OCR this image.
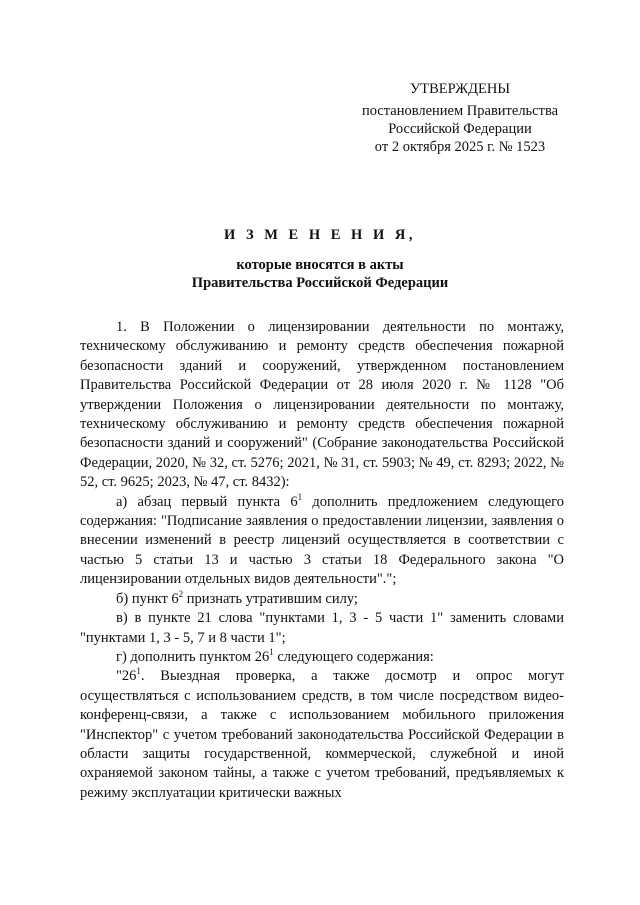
УТВЕРЖДЕНЫ
постановлением Правительства
Российской Федерации
от 2 октября 2025 г. № 1523
И З М Е Н Е Н И Я,
которые вносятся в акты
Правительства Российской Федерации

1. В Положении о лицензировании деятельности по монтажу, техническому обслуживанию и ремонту средств обеспечения пожарной безопасности зданий и сооружений, утвержденном постановлением Правительства Российской Федерации от 28 июля 2020 г. № 1128 "Об утверждении Положения о лицензировании деятельности по монтажу, техническому обслуживанию и ремонту средств обеспечения пожарной безопасности зданий и сооружений" (Собрание законодательства Российской Федерации, 2020, № 32, ст. 5276; 2021, № 31, ст. 5903; № 49, ст. 8293; 2022, № 52, ст. 9625; 2023, № 47, ст. 8432):

а) абзац первый пункта $6^1$ дополнить предложением следующего содержания: "Подписание заявления о предоставлении лицензии, заявления о внесении изменений в реестр лицензий осуществляется в соответствии с частью 5 статьи 13 и частью 3 статьи 18 Федерального закона "О лицензировании отдельных видов деятельности".";

б) пункт $6^2$ признать утратившим силу;

в) в пункте 21 слова "пунктами 1, 3 - 5 части 1" заменить словами "пунктами 1, 3 - 5, 7 и 8 части 1";

г) дополнить пунктом $26^1$ следующего содержания:

"$26^1$. Выездная проверка, а также досмотр и опрос могут осуществляться с использованием средств, в том числе посредством видео-конференц-связи, а также с использованием мобильного приложения "Инспектор" с учетом требований законодательства Российской Федерации в области защиты государственной, коммерческой, служебной и иной охраняемой законом тайны, а также с учетом требований, предъявляемых к режиму эксплуатации критически важных
